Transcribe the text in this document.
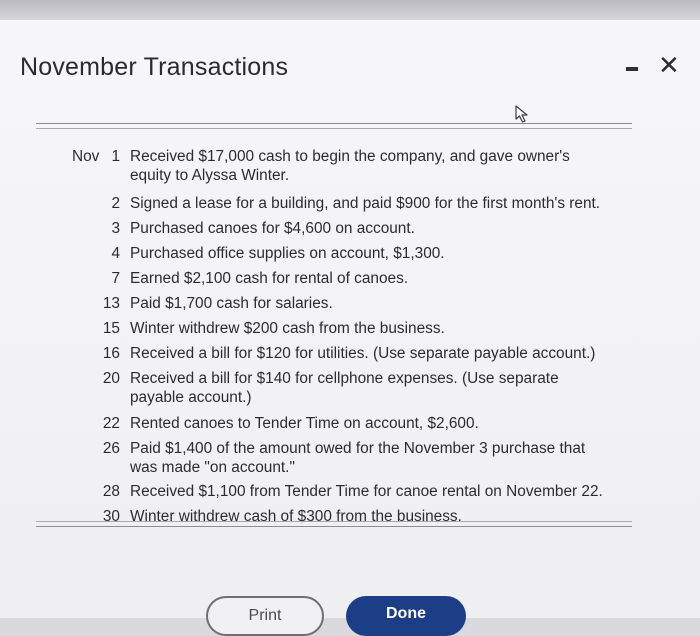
November Transactions	✕
Nov 1 Received $17,000 cash to begin the company, and gave owner's
equity to Alyssa Winter.
2 Signed a lease for a building, and paid $900 for the first month's rent.
3 Purchased canoes for $4,600 on account.
4 Purchased office supplies on account, $1,300.
7 Earned $2,100 cash for rental of canoes.
13 Paid $1,700 cash for salaries.
15 Winter withdrew $200 cash from the business.
16 Received a bill for $120 for utilities. (Use separate payable account.)
20 Received a bill for $140 for cellphone expenses. (Use separate
payable account.)
22 Rented canoes to Tender Time on account, $2,600.
26 Paid $1,400 of the amount owed for the November 3 purchase that
was made "on account."
28 Received $1,100 from Tender Time for canoe rental on November 22.
30 Winter withdrew cash of $300 from the business.
Print	Done
